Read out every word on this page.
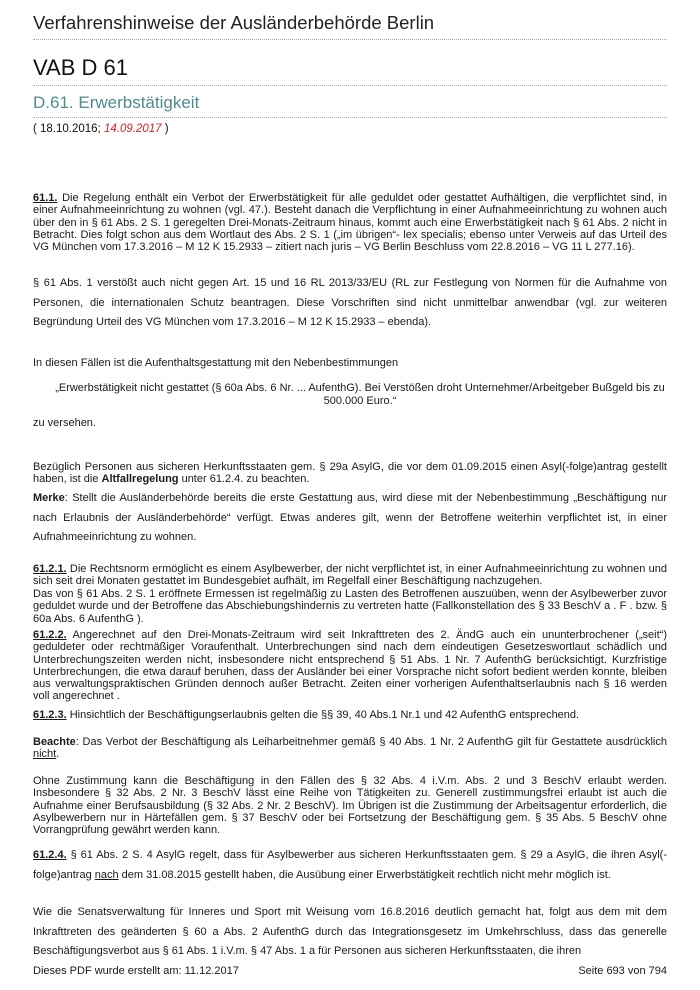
Verfahrenshinweise der Ausländerbehörde Berlin
VAB D 61
D.61. Erwerbstätigkeit
( 18.10.2016; 14.09.2017 )

61.1. Die Regelung enthält ein Verbot der Erwerbstätigkeit für alle geduldet oder gestattet Aufhältigen, die verpflichtet sind, in einer Aufnahmeeinrichtung zu wohnen (vgl. 47.). Besteht danach die Verpflichtung in einer Aufnahmeeinrichtung zu wohnen auch über den in § 61 Abs. 2 S. 1 geregelten Drei-Monats-Zeitraum hinaus, kommt auch eine Erwerbstätigkeit nach § 61 Abs. 2 nicht in Betracht. Dies folgt schon aus dem Wortlaut des Abs. 2 S. 1 („im übrigen“- lex specialis; ebenso unter Verweis auf das Urteil des VG München vom 17.3.2016 – M 12 K 15.2933 – zitiert nach juris – VG Berlin Beschluss vom 22.8.2016 – VG 11 L 277.16).

§ 61 Abs. 1 verstößt auch nicht gegen Art. 15 und 16 RL 2013/33/EU (RL zur Festlegung von Normen für die Aufnahme von Personen, die internationalen Schutz beantragen. Diese Vorschriften sind nicht unmittelbar anwendbar (vgl. zur weiteren Begründung Urteil des VG München vom 17.3.2016 – M 12 K 15.2933 – ebenda).

In diesen Fällen ist die Aufenthaltsgestattung mit den Nebenbestimmungen

„Erwerbstätigkeit nicht gestattet (§ 60a Abs. 6 Nr. ... AufenthG). Bei Verstößen droht Unternehmer/Arbeitgeber Bußgeld bis zu 500.000 Euro.“

zu versehen.

Bezüglich Personen aus sicheren Herkunftsstaaten gem. § 29a AsylG, die vor dem 01.09.2015 einen Asyl(-folge)antrag gestellt haben, ist die Altfallregelung unter 61.2.4. zu beachten.

Merke: Stellt die Ausländerbehörde bereits die erste Gestattung aus, wird diese mit der Nebenbestimmung „Beschäftigung nur nach Erlaubnis der Ausländerbehörde“ verfügt. Etwas anderes gilt, wenn der Betroffene weiterhin verpflichtet ist, in einer Aufnahmeeinrichtung zu wohnen.

61.2.1. Die Rechtsnorm ermöglicht es einem Asylbewerber, der nicht verpflichtet ist, in einer Aufnahmeeinrichtung zu wohnen und sich seit drei Monaten gestattet im Bundesgebiet aufhält, im Regelfall einer Beschäftigung nachzugehen.

Das von § 61 Abs. 2 S. 1 eröffnete Ermessen ist regelmäßig zu Lasten des Betroffenen auszuüben, wenn der Asylbewerber zuvor geduldet wurde und der Betroffene das Abschiebungshindernis zu vertreten hatte (Fallkonstellation des § 33 BeschV a . F . bzw. § 60a Abs. 6 AufenthG ).

61.2.2. Angerechnet auf den Drei-Monats-Zeitraum wird seit Inkrafttreten des 2. ÄndG auch ein ununterbrochener („seit“) geduldeter oder rechtmäßiger Voraufenthalt. Unterbrechungen sind nach dem eindeutigen Gesetzeswortlaut schädlich und Unterbrechungszeiten werden nicht, insbesondere nicht entsprechend § 51 Abs. 1 Nr. 7 AufenthG berücksichtigt. Kurzfristige Unterbrechungen, die etwa darauf beruhen, dass der Ausländer bei einer Vorsprache nicht sofort bedient werden konnte, bleiben aus verwaltungspraktischen Gründen dennoch außer Betracht. Zeiten einer vorherigen Aufenthaltserlaubnis nach § 16 werden voll angerechnet .

61.2.3. Hinsichtlich der Beschäftigungserlaubnis gelten die §§ 39, 40 Abs.1 Nr.1 und 42 AufenthG entsprechend.

Beachte: Das Verbot der Beschäftigung als Leiharbeitnehmer gemäß § 40 Abs. 1 Nr. 2 AufenthG gilt für Gestattete ausdrücklich nicht.

Ohne Zustimmung kann die Beschäftigung in den Fällen des § 32 Abs. 4 i.V.m. Abs. 2 und 3 BeschV erlaubt werden. Insbesondere § 32 Abs. 2 Nr. 3 BeschV lässt eine Reihe von Tätigkeiten zu. Generell zustimmungsfrei erlaubt ist auch die Aufnahme einer Berufsausbildung (§ 32 Abs. 2 Nr. 2 BeschV). Im Übrigen ist die Zustimmung der Arbeitsagentur erforderlich, die Asylbewerbern nur in Härtefällen gem. § 37 BeschV oder bei Fortsetzung der Beschäftigung gem. § 35 Abs. 5 BeschV ohne Vorrangprüfung gewährt werden kann.

61.2.4. § 61 Abs. 2 S. 4 AsylG regelt, dass für Asylbewerber aus sicheren Herkunftsstaaten gem. § 29 a AsylG, die ihren Asyl(-folge)antrag nach dem 31.08.2015 gestellt haben, die Ausübung einer Erwerbstätigkeit rechtlich nicht mehr möglich ist.

Wie die Senatsverwaltung für Inneres und Sport mit Weisung vom 16.8.2016 deutlich gemacht hat, folgt aus dem mit dem Inkrafttreten des geänderten § 60 a Abs. 2 AufenthG durch das Integrationsgesetz im Umkehrschluss, dass das generelle Beschäftigungsverbot aus § 61 Abs. 1 i.V.m. § 47 Abs. 1 a für Personen aus sicheren Herkunftsstaaten, die ihren

Dieses PDF wurde erstellt am: 11.12.2017	Seite 693 von 794
